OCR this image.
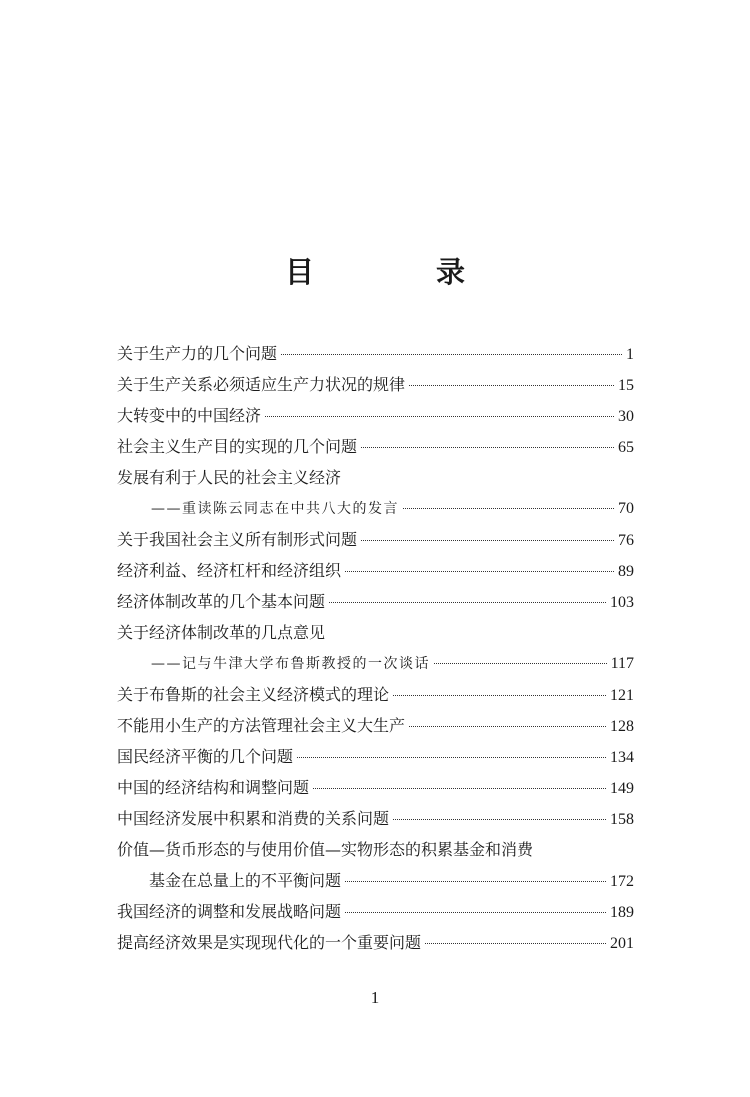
目 录
关于生产力的几个问题	1
关于生产关系必须适应生产力状况的规律	15
大转变中的中国经济	30
社会主义生产目的实现的几个问题	65
发展有利于人民的社会主义经济
——重读陈云同志在中共八大的发言	70
关于我国社会主义所有制形式问题	76
经济利益、经济杠杆和经济组织	89
经济体制改革的几个基本问题	103
关于经济体制改革的几点意见
——记与牛津大学布鲁斯教授的一次谈话	117
关于布鲁斯的社会主义经济模式的理论	121
不能用小生产的方法管理社会主义大生产	128
国民经济平衡的几个问题	134
中国的经济结构和调整问题	149
中国经济发展中积累和消费的关系问题	158
价值—货币形态的与使用价值—实物形态的积累基金和消费
基金在总量上的不平衡问题	172
我国经济的调整和发展战略问题	189
提高经济效果是实现现代化的一个重要问题	201
1
